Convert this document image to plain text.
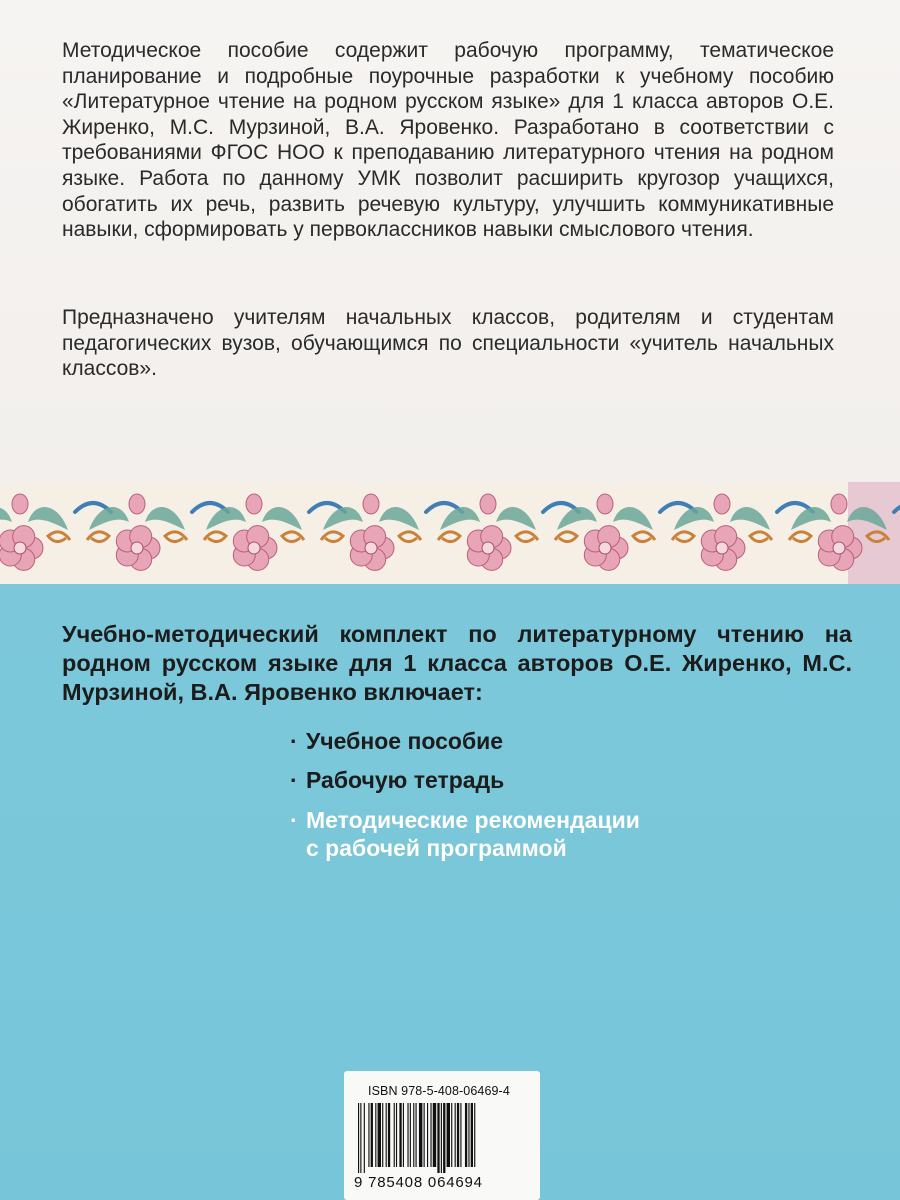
Методическое пособие содержит рабочую программу, тематическое планирование и подробные поурочные разработки к учебному пособию «Литературное чтение на родном русском языке» для 1 класса авторов О.Е. Жиренко, М.С. Мурзиной, В.А. Яровенко. Разработано в соответствии с требованиями ФГОС НОО к преподаванию литературного чтения на родном языке. Работа по данному УМК позволит расширить кругозор учащихся, обогатить их речь, развить речевую культуру, улучшить коммуникативные навыки, сформировать у первоклассников навыки смыслового чтения.

Предназначено учителям начальных классов, родителям и студентам педагогических вузов, обучающимся по специальности «учитель начальных классов».

Учебно-методический комплект по литературному чтению на родном русском языке для 1 класса авторов О.Е. Жиренко, М.С. Мурзиной, В.А. Яровенко включает:

· Учебное пособие
· Рабочую тетрадь
· Методические рекомендации
с рабочей программой
ISBN 978-5-408-06469-4
9 785408 064694
